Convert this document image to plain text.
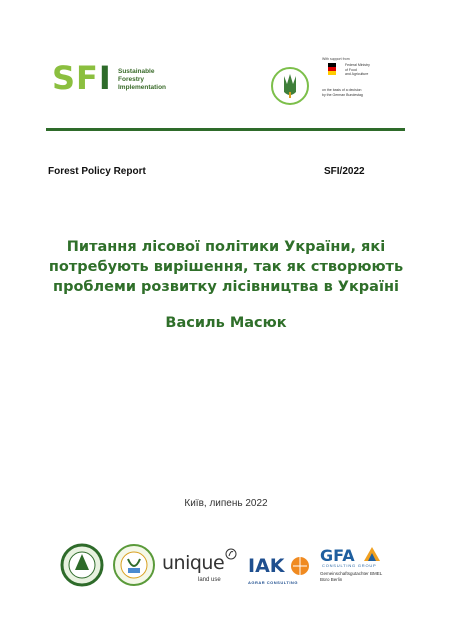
S F I Sustainable
Forestry
Implementation
With support from
Federal Ministry
of Food
and Agriculture
on the basis of a decision
by the German Bundestag
Forest Policy Report	SFI/2022
Питання лісової політики України, які
потребують вирішення, так як створюють
проблеми розвитку лісівництва в Україні
Василь Масюк
Київ, липень 2022
unique
land use
IAK
AGRAR CONSULTING
GFA
CONSULTING GROUP
Gemeinschaftsgutachter BMEL
Büro Berlin
